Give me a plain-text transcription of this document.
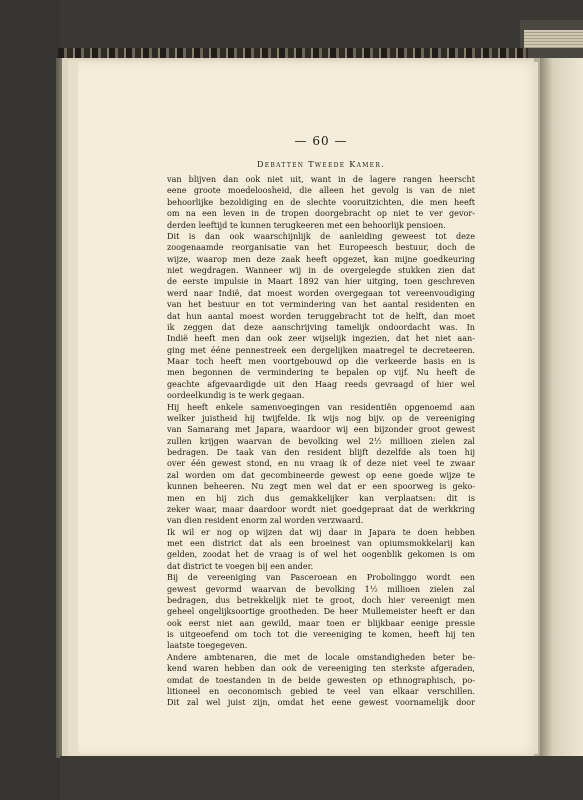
— 60 —
Debatten Tweede Kamer.
van blijven dan ook niet uit, want in de lagere rangen heerscht
eene groote moedeloosheid, die alleen het gevolg is van de niet
behoorlijke bezoldiging en de slechte vooruitzichten, die men heeft
om na een leven in de tropen doorgebracht op niet te ver gevor-
derden leeftijd te kunnen terugkeeren met een behoorlijk pensioen.
Dit is dan ook waarschijnlijk de aanleiding geweest tot deze
zoogenaamde reorganisatie van het Europeesch bestuur, doch de
wijze, waarop men deze zaak heeft opgezet, kan mijne goedkeuring
niet wegdragen. Wanneer wij in de overgelegde stukken zien dat
de eerste impulsie in Maart 1892 van hier uitging, toen geschreven
werd naar Indië, dat moest worden overgegaan tot vereenvoudiging
van het bestuur en tot vermindering van het aantal residenten en
dat hun aantal moest worden teruggebracht tot de helft, dan moet
ik zeggen dat deze aanschrijving tamelijk ondoordacht was. In
Indië heeft men dan ook zeer wijselijk ingezien, dat het niet aan-
ging met ééne pennestreek een dergelijken maatregel te decreteeren.
Maar toch heeft men voortgebouwd op die verkeerde basis en is
men begonnen de vermindering te bepalen op vijf. Nu heeft de
geachte afgevaardigde uit den Haag reeds gevraagd of hier wel
oordeelkundig is te werk gegaan.
Hij heeft enkele samenvoegingen van residentiën opgenoemd aan
welker juistheid hij twijfelde. Ik wijs nog bijv. op de vereeniging
van Samarang met Japara, waardoor wij een bijzonder groot gewest
zullen krijgen waarvan de bevolking wel 2½ millioen zielen zal
bedragen. De taak van den resident blijft dezelfde als toen hij
over één gewest stond, en nu vraag ik of deze niet veel te zwaar
zal worden om dat gecombineerde gewest op eene goede wijze te
kunnen beheeren. Nu zegt men wel dat er een spoorweg is geko-
men en hij zich dus gemakkelijker kan verplaatsen: dit is
zeker waar, maar daardoor wordt niet goedgepraat dat de werkkring
van dien resident enorm zal worden verzwaard.
Ik wil er nog op wijzen dat wij daar in Japara te doen hebben
met een district dat als een broeinest van opiumsmokkelarij kan
gelden, zoodat het de vraag is of wel het oogenblik gekomen is om
dat district te voegen bij een ander.
Bij de vereeniging van Pasceroean en Probolinggo wordt een
gewest gevormd waarvan de bevolking 1½ millioen zielen zal
bedragen, dus betrekkelijk niet te groot, doch hier vereenigt men
geheel ongelijksoortige grootheden. De heer Mullemeister heeft er dan
ook eerst niet aan gewild, maar toen er blijkbaar eenige pressie
is uitgeoefend om toch tot die vereeniging te komen, heeft hij ten
laatste toegegeven.
Andere ambtenaren, die met de locale omstandigheden beter be-
kend waren hebben dan ook de vereeniging ten sterkste afgeraden,
omdat de toestanden in de beide gewesten op ethnographisch, po-
litioneel en oeconomisch gebied te veel van elkaar verschillen.
Dit zal wel juist zijn, omdat het eene gewest voornamelijk door
